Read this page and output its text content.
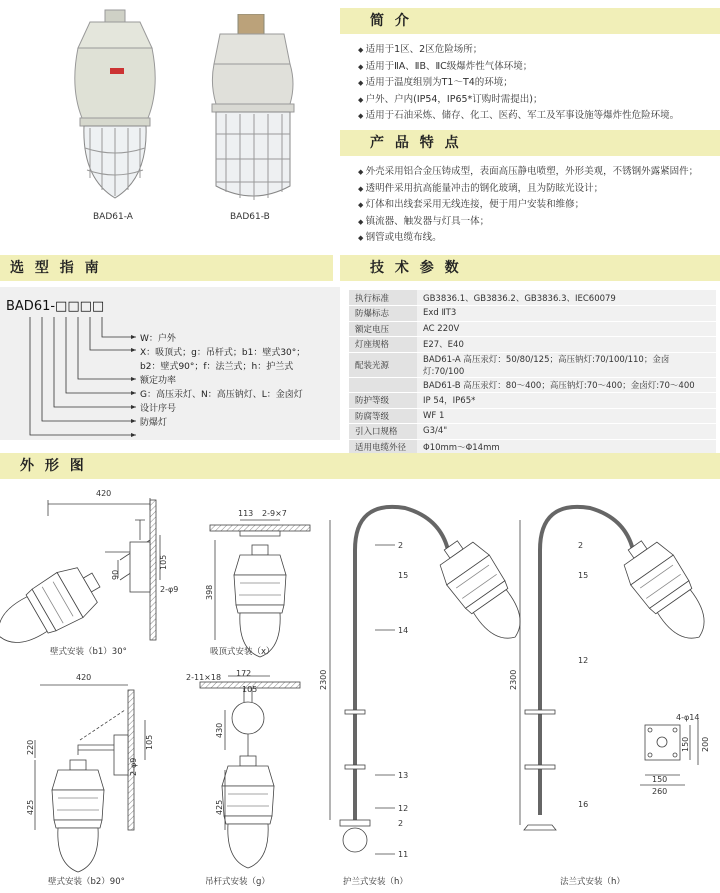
BAD61-A	BAD61-B
简 介
◆ 适用于1区、2区危险场所；
◆ 适用于ⅡA、ⅡB、ⅡC级爆炸性气体环境；
◆ 适用于温度组别为T1～T4的环境；
◆ 户外、户内(IP54，IP65*订购时需提出)；
◆ 适用于石油采炼、储存、化工、医药、军工及军事设施等爆炸性危险环境。
产 品 特 点
◆ 外壳采用铝合金压铸成型，表面高压静电喷塑，外形美观，不锈钢外露紧固件；
◆ 透明件采用抗高能量冲击的钢化玻璃，且为防眩光设计；
◆ 灯体和出线套采用无线连接，便于用户安装和维修；
◆ 镇流器、触发器与灯具一体；
◆ 钢管或电缆布线。
选 型 指 南
BAD61-□□□□
W：户外
X：吸顶式；g：吊杆式；b1：壁式30°；
b2：壁式90°；f：法兰式；h：护兰式
额定功率
G：高压汞灯、N：高压钠灯、L：金卤灯
设计序号
防爆灯
技 术 参 数
执行标准	GB3836.1、GB3836.2、GB3836.3、IEC60079
防爆标志	Exd ⅡT3
额定电压	AC 220V
灯座规格	E27、E40
配装光源	BAD61-A 高压汞灯：50/80/125；高压钠灯:70/100/110；金卤灯:70/100
	BAD61-B 高压汞灯：80～400；高压钠灯:70～400；金卤灯:70～400
防护等级	IP 54，IP65*
防腐等级	WF 1
引入口规格	G3/4"
适用电缆外径	Φ10mm～Φ14mm
外 形 图
420
90
105
2-φ9
113 2-9×7
398
420
220	105
2-φ9
425
2-11×18 172
105
430
425
2300
2
15
14
13
12
2
11
2300
2
15
12
16
4-φ14
150 200
150
260
壁式安装（b1）30°	吸顶式安装（x）
壁式安装（b2）90°	吊杆式安装（g）	护兰式安装（h）	法兰式安装（h）
